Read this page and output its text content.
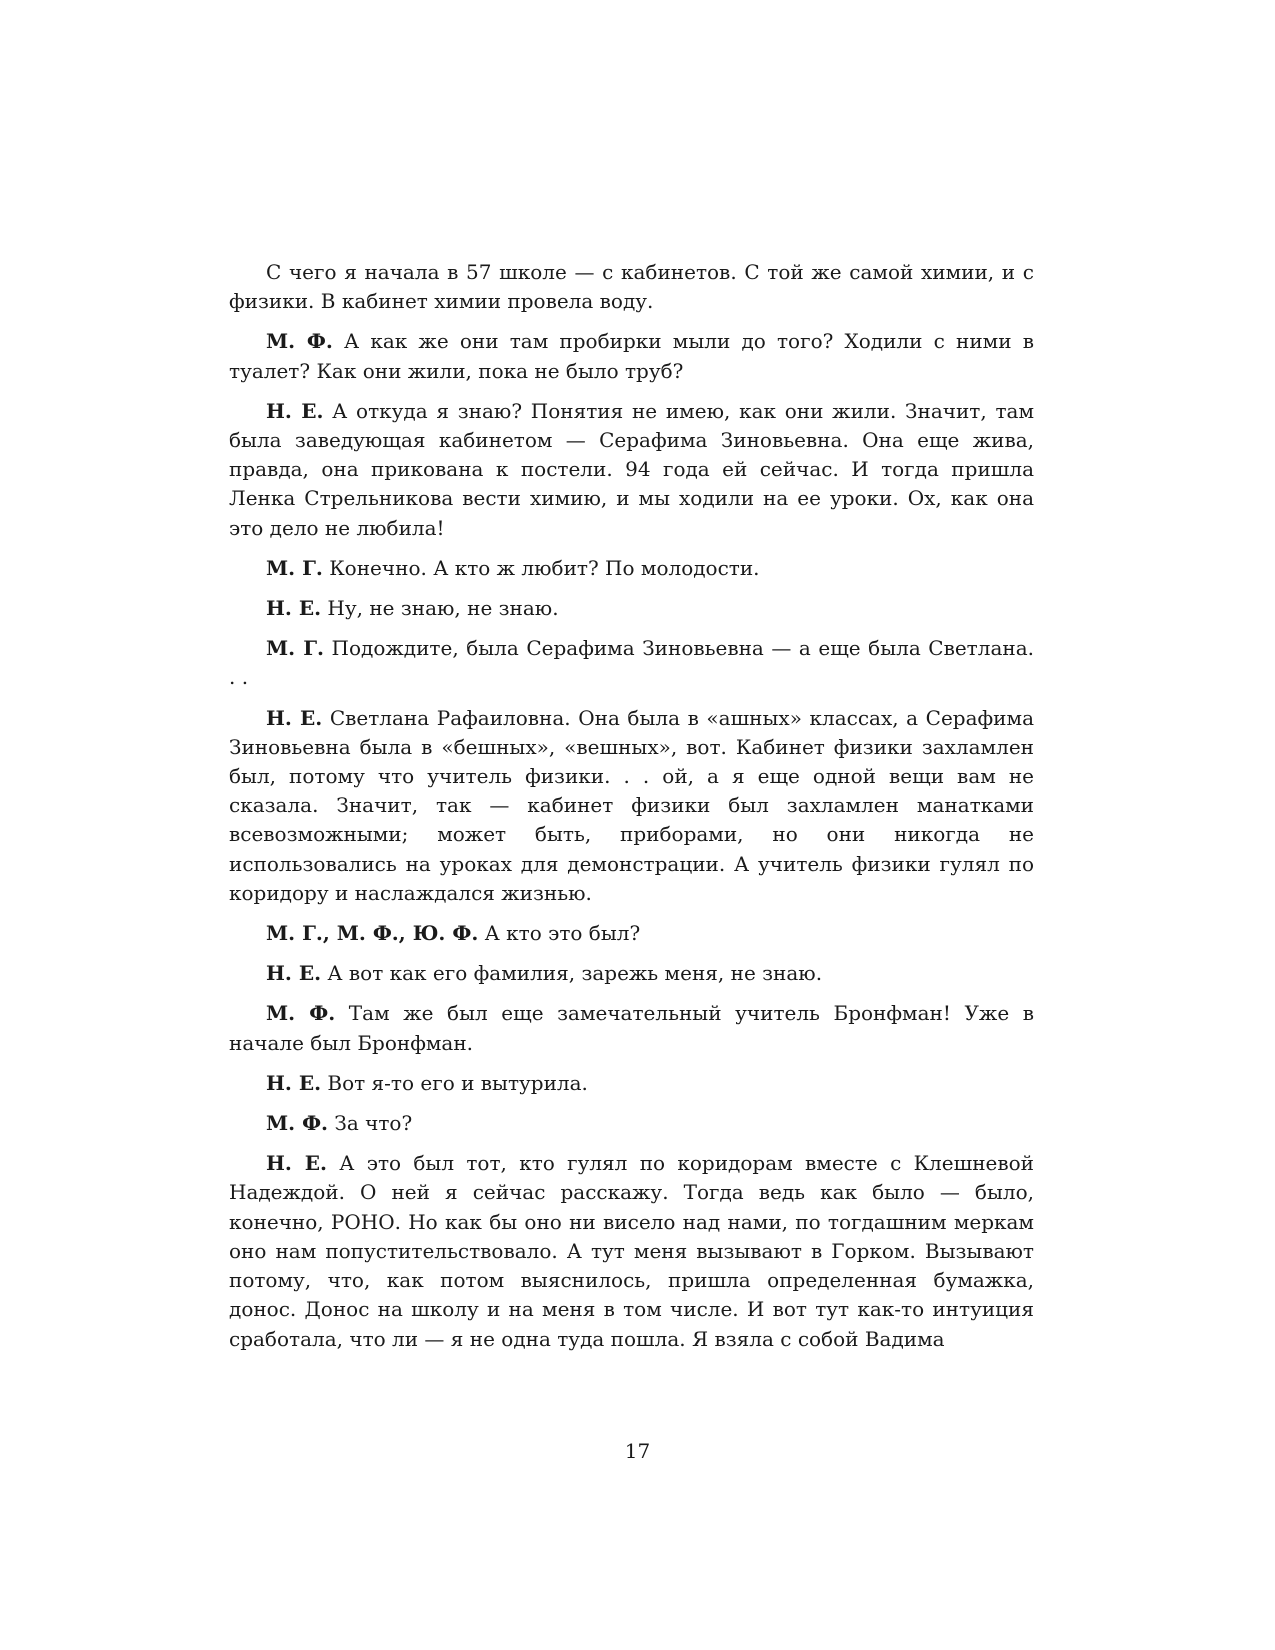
С чего я начала в 57 школе — с кабинетов. С той же самой химии, и с физики. В кабинет химии провела воду.

М. Ф. А как же они там пробирки мыли до того? Ходили с ними в туалет? Как они жили, пока не было труб?

Н. Е. А откуда я знаю? Понятия не имею, как они жили. Значит, там была заведующая кабинетом — Серафима Зиновьевна. Она еще жива, правда, она прикована к постели. 94 года ей сейчас. И тогда пришла Ленка Стрельникова вести химию, и мы ходили на ее уроки. Ох, как она это дело не любила!

М. Г. Конечно. А кто ж любит? По молодости.

Н. Е. Ну, не знаю, не знаю.

М. Г. Подождите, была Серафима Зиновьевна — а еще была Светлана. . .

Н. Е. Светлана Рафаиловна. Она была в «ашных» классах, а Серафима Зиновьевна была в «бешных», «вешных», вот. Кабинет физики захламлен был, потому что учитель физики. . . ой, а я еще одной вещи вам не сказала. Значит, так — кабинет физики был захламлен манатками всевозможными; может быть, приборами, но они никогда не использовались на уроках для демонстрации. А учитель физики гулял по коридору и наслаждался жизнью.

М. Г., М. Ф., Ю. Ф. А кто это был?

Н. Е. А вот как его фамилия, зарежь меня, не знаю.

М. Ф. Там же был еще замечательный учитель Бронфман! Уже в начале был Бронфман.

Н. Е. Вот я-то его и вытурила.

М. Ф. За что?

Н. Е. А это был тот, кто гулял по коридорам вместе с Клешневой Надеждой. О ней я сейчас расскажу. Тогда ведь как было — было, конечно, РОНО. Но как бы оно ни висело над нами, по тогдашним меркам оно нам попустительствовало. А тут меня вызывают в Горком. Вызывают потому, что, как потом выяснилось, пришла определенная бумажка, донос. Донос на школу и на меня в том числе. И вот тут как-то интуиция сработала, что ли — я не одна туда пошла. Я взяла с собой Вадима

17
